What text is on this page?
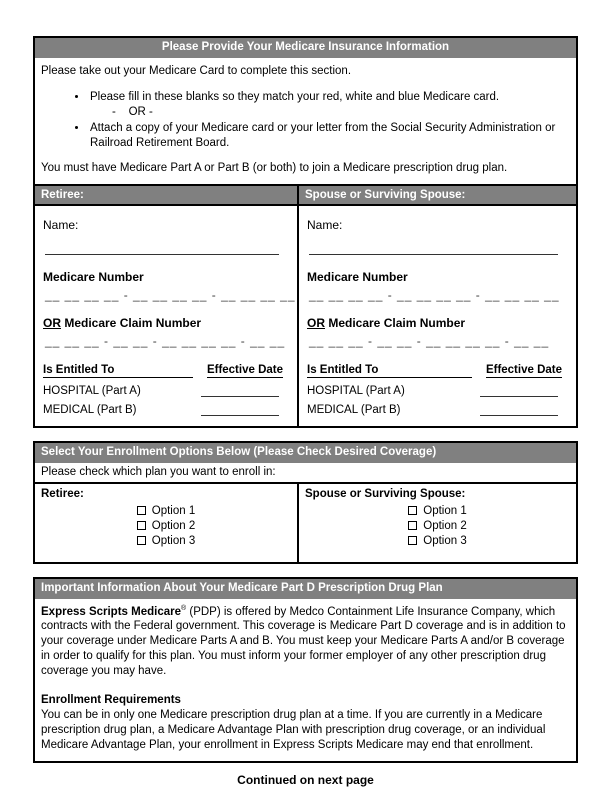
Please Provide Your Medicare Insurance Information

Please take out your Medicare Card to complete this section.

• Please fill in these blanks so they match your red, white and blue Medicare card.
-    OR -
• Attach a copy of your Medicare card or your letter from the Social Security Administration or Railroad Retirement Board.

You must have Medicare Part A or Part B (or both) to join a Medicare prescription drug plan.

Retiree:
Name:
Medicare Number
__ __ __ __ - __ __ __ __ - __ __ __ __
OR Medicare Claim Number
__ __ __ - __ __ - __ __ __ __ - __ __
Is Entitled To	Effective Date
HOSPITAL (Part A)
MEDICAL (Part B)
Spouse or Surviving Spouse:
Name:
Medicare Number
__ __ __ __ - __ __ __ __ - __ __ __ __
OR Medicare Claim Number
__ __ __ - __ __ - __ __ __ __ - __ __
Is Entitled To	Effective Date
HOSPITAL (Part A)
MEDICAL (Part B)
Select Your Enrollment Options Below (Please Check Desired Coverage)
Please check which plan you want to enroll in:
Retiree:
Option 1
Option 2
Option 3
Spouse or Surviving Spouse:
Option 1
Option 2
Option 3
Important Information About Your Medicare Part D Prescription Drug Plan

Express Scripts Medicare® (PDP) is offered by Medco Containment Life Insurance Company, which contracts with the Federal government. This coverage is Medicare Part D coverage and is in addition to your coverage under Medicare Parts A and B. You must keep your Medicare Parts A and/or B coverage in order to qualify for this plan. You must inform your former employer of any other prescription drug coverage you may have.

Enrollment Requirements

You can be in only one Medicare prescription drug plan at a time. If you are currently in a Medicare prescription drug plan, a Medicare Advantage Plan with prescription drug coverage, or an individual Medicare Advantage Plan, your enrollment in Express Scripts Medicare may end that enrollment.

Continued on next page
